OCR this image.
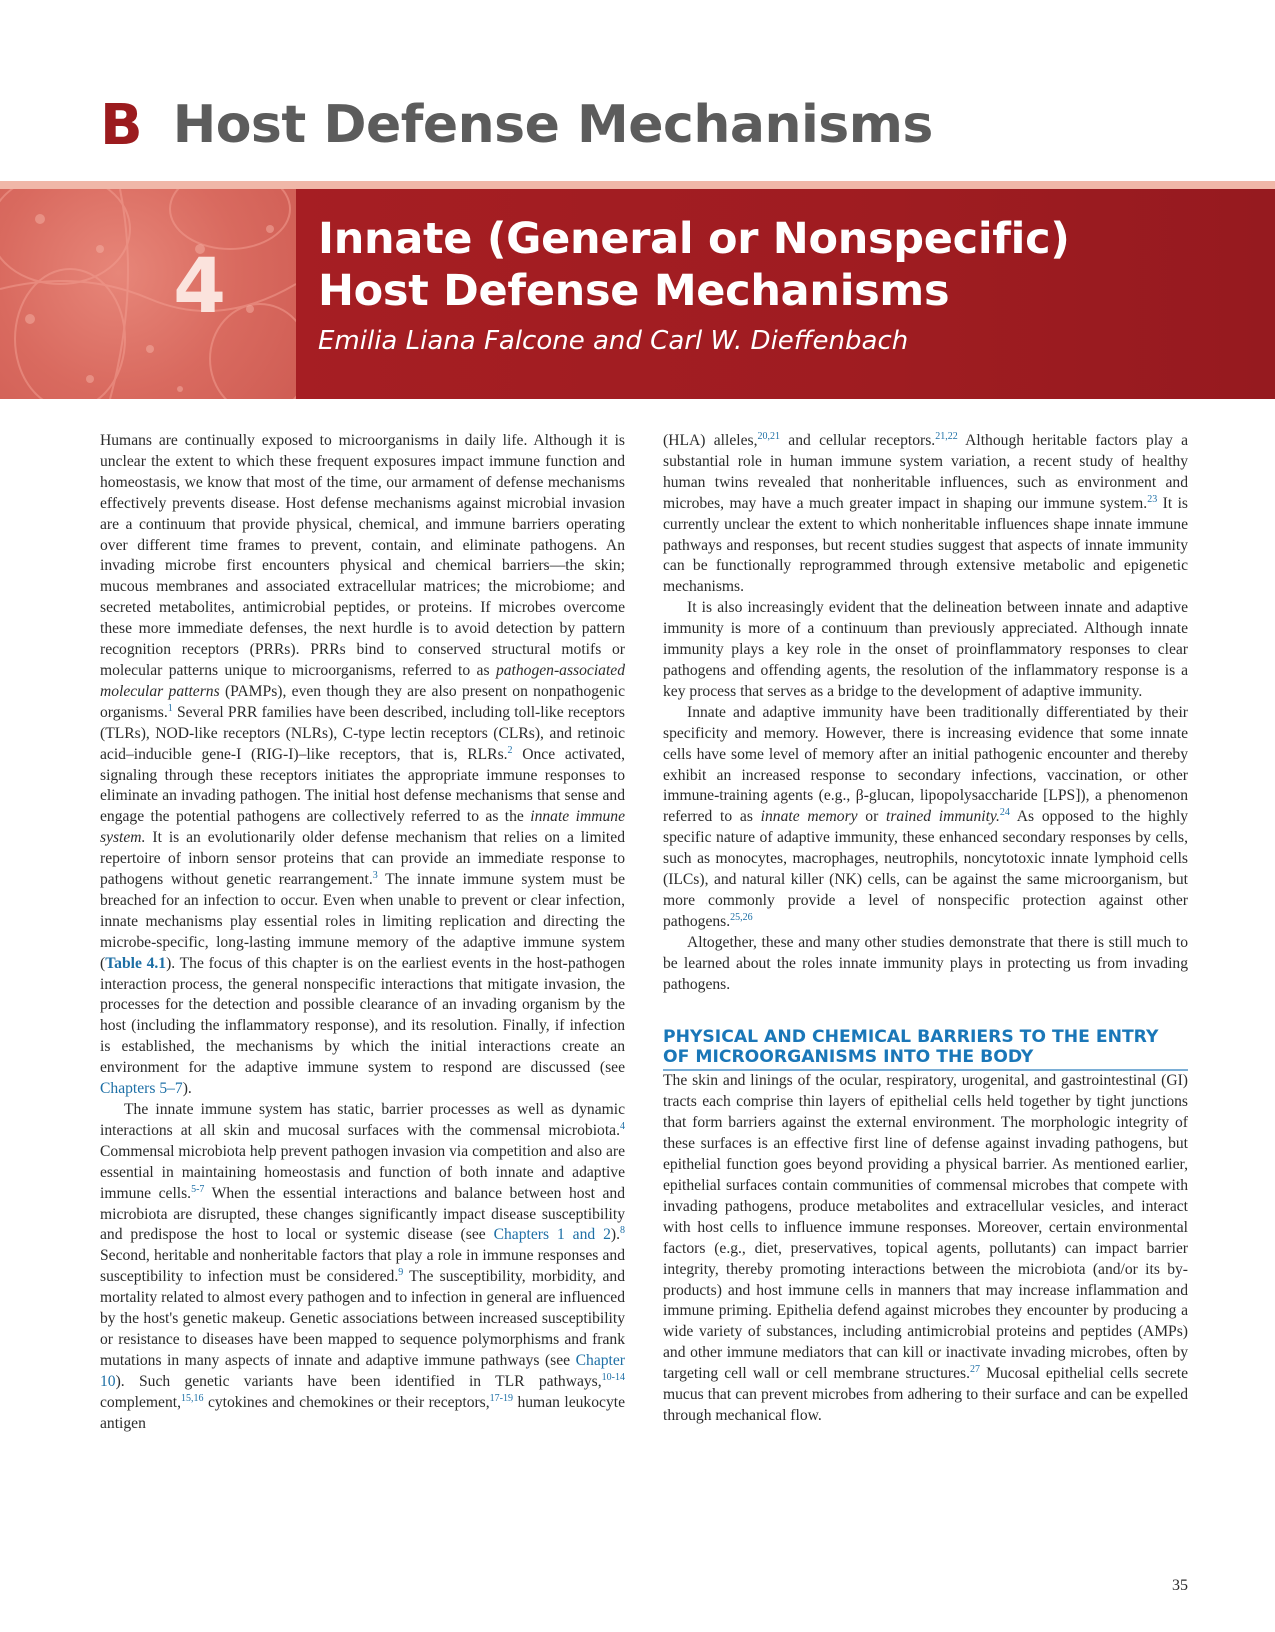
B Host Defense Mechanisms
4
Innate (General or Nonspecific)
Host Defense Mechanisms
Emilia Liana Falcone and Carl W. Dieffenbach

Humans are continually exposed to microorganisms in daily life. Although it is unclear the extent to which these frequent exposures impact immune function and homeostasis, we know that most of the time, our armament of defense mechanisms effectively prevents disease. Host defense mechanisms against microbial invasion are a continuum that provide physical, chemical, and immune barriers operating over different time frames to prevent, contain, and eliminate pathogens. An invading microbe first encounters physical and chemical barriers—the skin; mucous membranes and associated extracellular matrices; the microbiome; and secreted metabolites, antimicrobial peptides, or proteins. If microbes overcome these more immediate defenses, the next hurdle is to avoid detection by pattern recognition receptors (PRRs). PRRs bind to conserved structural motifs or molecular patterns unique to microorganisms, referred to as pathogen-associated molecular patterns (PAMPs), even though they are also present on nonpathogenic organisms.$^1$ Several PRR families have been described, including toll-like receptors (TLRs), NOD-like receptors (NLRs), C-type lectin receptors (CLRs), and retinoic acid–inducible gene-I (RIG-I)–like receptors, that is, RLRs.$^2$ Once activated, signaling through these receptors initiates the appropriate immune responses to eliminate an invading pathogen. The initial host defense mechanisms that sense and engage the potential pathogens are collectively referred to as the innate immune system. It is an evolutionarily older defense mechanism that relies on a limited repertoire of inborn sensor proteins that can provide an immediate response to pathogens without genetic rearrangement.$^3$ The innate immune system must be breached for an infection to occur. Even when unable to prevent or clear infection, innate mechanisms play essential roles in limiting replication and directing the microbe-specific, long-lasting immune memory of the adaptive immune system (Table 4.1). The focus of this chapter is on the earliest events in the host-pathogen interaction process, the general nonspecific interactions that mitigate invasion, the processes for the detection and possible clearance of an invading organism by the host (including the inflammatory response), and its resolution. Finally, if infection is established, the mechanisms by which the initial interactions create an environment for the adaptive immune system to respond are discussed (see Chapters 5–7).

The innate immune system has static, barrier processes as well as dynamic interactions at all skin and mucosal surfaces with the commensal microbiota.$^4$ Commensal microbiota help prevent pathogen invasion via competition and also are essential in maintaining homeostasis and function of both innate and adaptive immune cells.$^{5-7}$ When the essential interactions and balance between host and microbiota are disrupted, these changes significantly impact disease susceptibility and predispose the host to local or systemic disease (see Chapters 1 and 2).$^8$ Second, heritable and nonheritable factors that play a role in immune responses and susceptibility to infection must be considered.$^9$ The susceptibility, morbidity, and mortality related to almost every pathogen and to infection in general are influenced by the host's genetic makeup. Genetic associations between increased susceptibility or resistance to diseases have been mapped to sequence polymorphisms and frank mutations in many aspects of innate and adaptive immune pathways (see Chapter 10). Such genetic variants have been identified in TLR pathways,$^{10-14}$ complement,$^{15,16}$ cytokines and chemokines or their receptors,$^{17-19}$ human leukocyte antigen

(HLA) alleles,$^{20,21}$ and cellular receptors.$^{21,22}$ Although heritable factors play a substantial role in human immune system variation, a recent study of healthy human twins revealed that nonheritable influences, such as environment and microbes, may have a much greater impact in shaping our immune system.$^{23}$ It is currently unclear the extent to which nonheritable influences shape innate immune pathways and responses, but recent studies suggest that aspects of innate immunity can be functionally reprogrammed through extensive metabolic and epigenetic mechanisms.

It is also increasingly evident that the delineation between innate and adaptive immunity is more of a continuum than previously appreciated. Although innate immunity plays a key role in the onset of proinflammatory responses to clear pathogens and offending agents, the resolution of the inflammatory response is a key process that serves as a bridge to the development of adaptive immunity.

Innate and adaptive immunity have been traditionally differentiated by their specificity and memory. However, there is increasing evidence that some innate cells have some level of memory after an initial pathogenic encounter and thereby exhibit an increased response to secondary infections, vaccination, or other immune-training agents (e.g., β-glucan, lipopolysaccharide [LPS]), a phenomenon referred to as innate memory or trained immunity.$^{24}$ As opposed to the highly specific nature of adaptive immunity, these enhanced secondary responses by cells, such as monocytes, macrophages, neutrophils, noncytotoxic innate lymphoid cells (ILCs), and natural killer (NK) cells, can be against the same microorganism, but more commonly provide a level of nonspecific protection against other pathogens.$^{25,26}$

Altogether, these and many other studies demonstrate that there is still much to be learned about the roles innate immunity plays in protecting us from invading pathogens.

PHYSICAL AND CHEMICAL BARRIERS TO THE ENTRY OF MICROORGANISMS INTO THE BODY

The skin and linings of the ocular, respiratory, urogenital, and gastrointestinal (GI) tracts each comprise thin layers of epithelial cells held together by tight junctions that form barriers against the external environment. The morphologic integrity of these surfaces is an effective first line of defense against invading pathogens, but epithelial function goes beyond providing a physical barrier. As mentioned earlier, epithelial surfaces contain communities of commensal microbes that compete with invading pathogens, produce metabolites and extracellular vesicles, and interact with host cells to influence immune responses. Moreover, certain environmental factors (e.g., diet, preservatives, topical agents, pollutants) can impact barrier integrity, thereby promoting interactions between the microbiota (and/or its by-products) and host immune cells in manners that may increase inflammation and immune priming. Epithelia defend against microbes they encounter by producing a wide variety of substances, including antimicrobial proteins and peptides (AMPs) and other immune mediators that can kill or inactivate invading microbes, often by targeting cell wall or cell membrane structures.$^{27}$ Mucosal epithelial cells secrete mucus that can prevent microbes from adhering to their surface and can be expelled through mechanical flow.

35
